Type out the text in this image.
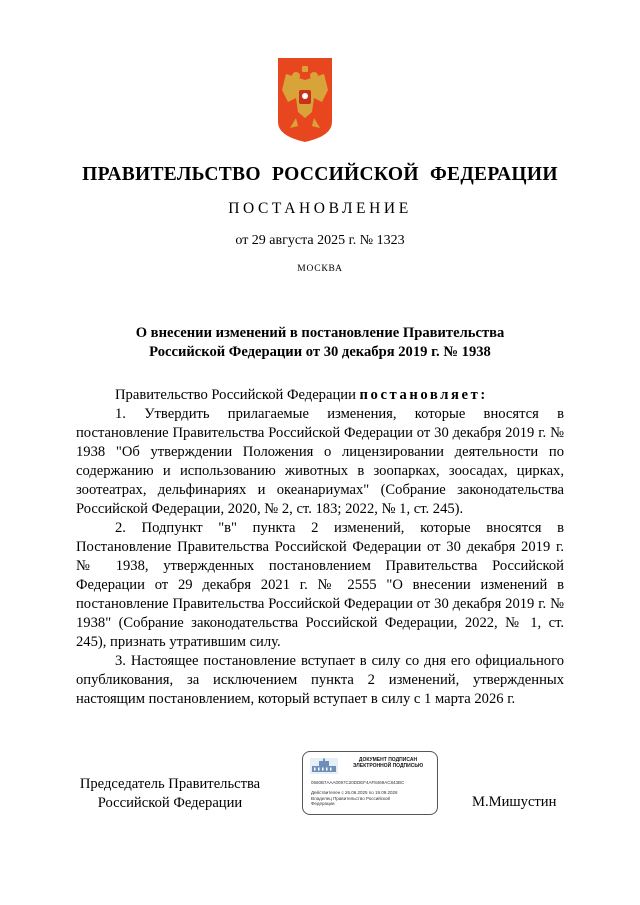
ПРАВИТЕЛЬСТВО РОССИЙСКОЙ ФЕДЕРАЦИИ
ПОСТАНОВЛЕНИЕ
от 29 августа 2025 г. № 1323
МОСКВА
О внесении изменений в постановление Правительства
Российской Федерации от 30 декабря 2019 г. № 1938

Правительство Российской Федерации постановляет:

1. Утвердить прилагаемые изменения, которые вносятся в постановление Правительства Российской Федерации от 30 декабря 2019 г. № 1938 "Об утверждении Положения о лицензировании деятельности по содержанию и использованию животных в зоопарках, зоосадах, цирках, зоотеатрах, дельфинариях и океанариумах" (Собрание законодательства Российской Федерации, 2020, № 2, ст. 183; 2022, № 1, ст. 245).

2. Подпункт "в" пункта 2 изменений, которые вносятся в Постановление Правительства Российской Федерации от 30 декабря 2019 г. № 1938, утвержденных постановлением Правительства Российской Федерации от 29 декабря 2021 г. № 2555 "О внесении изменений в постановление Правительства Российской Федерации от 30 декабря 2019 г. № 1938" (Собрание законодательства Российской Федерации, 2022, № 1, ст. 245), признать утратившим силу.

3. Настоящее постановление вступает в силу со дня его официального опубликования, за исключением пункта 2 изменений, утвержденных настоящим постановлением, который вступает в силу с 1 марта 2026 г.

Председатель Правительства
Российской Федерации
ДОКУМЕНТ ПОДПИСАН
ЭЛЕКТРОННОЙ ПОДПИСЬЮ
0560B7AAA0097C20DDEF4AF8469AC843BC
Действителен с 26.06.2025 по 19.09.2026
Владелец Правительство Российской
Федерации	М.Мишустин
